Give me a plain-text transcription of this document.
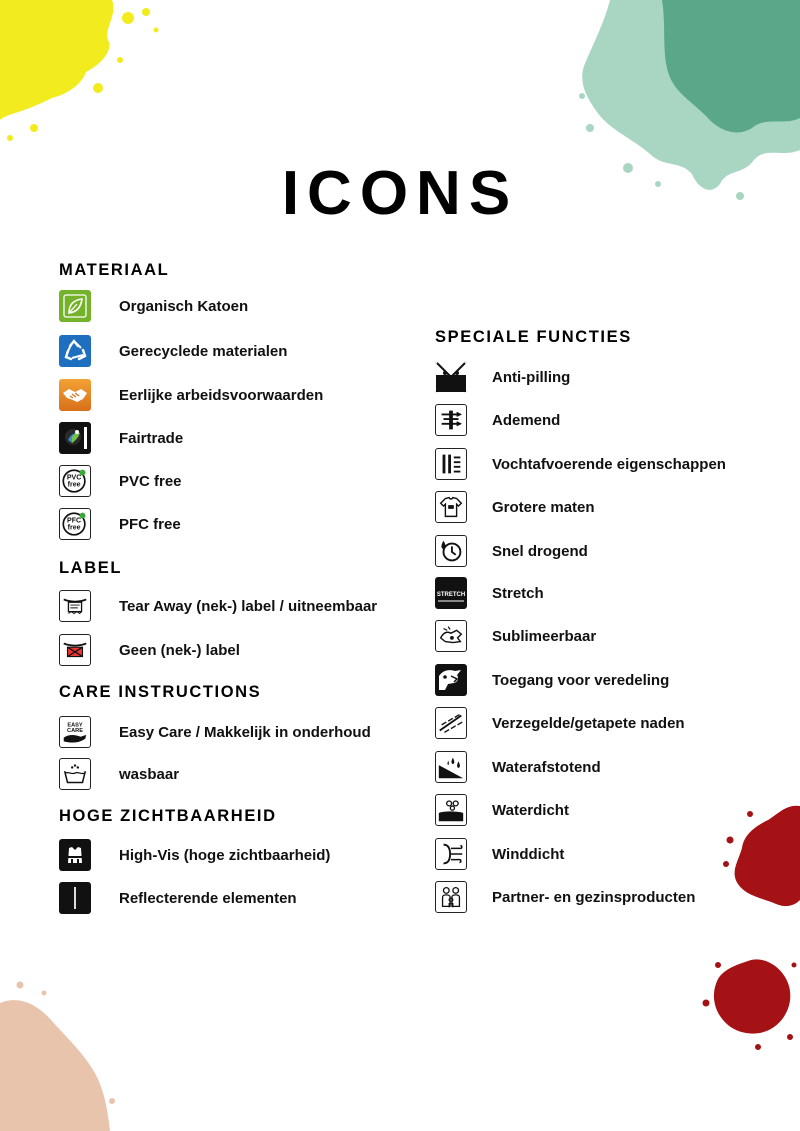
ICONS
MATERIAAL
Organisch Katoen
Gerecyclede materialen
Eerlijke arbeidsvoorwaarden
Fairtrade
PVC
free	PVC free
PFC
free	PFC free
LABEL
Tear Away (nek-) label / uitneembaar
Geen (nek-) label
CARE INSTRUCTIONS
EASY
CARE Easy Care / Makkelijk in onderhoud
wasbaar
HOGE ZICHTBAARHEID
High-Vis (hoge zichtbaarheid)
Reflecterende elementen
SPECIALE FUNCTIES
Anti-pilling
Ademend
Vochtafvoerende eigenschappen
Grotere maten
Snel drogend
STRETCH Stretch
Sublimeerbaar
Toegang voor veredeling
Verzegelde/getapete naden
Waterafstotend
Waterdicht
Winddicht
Partner- en gezinsproducten
